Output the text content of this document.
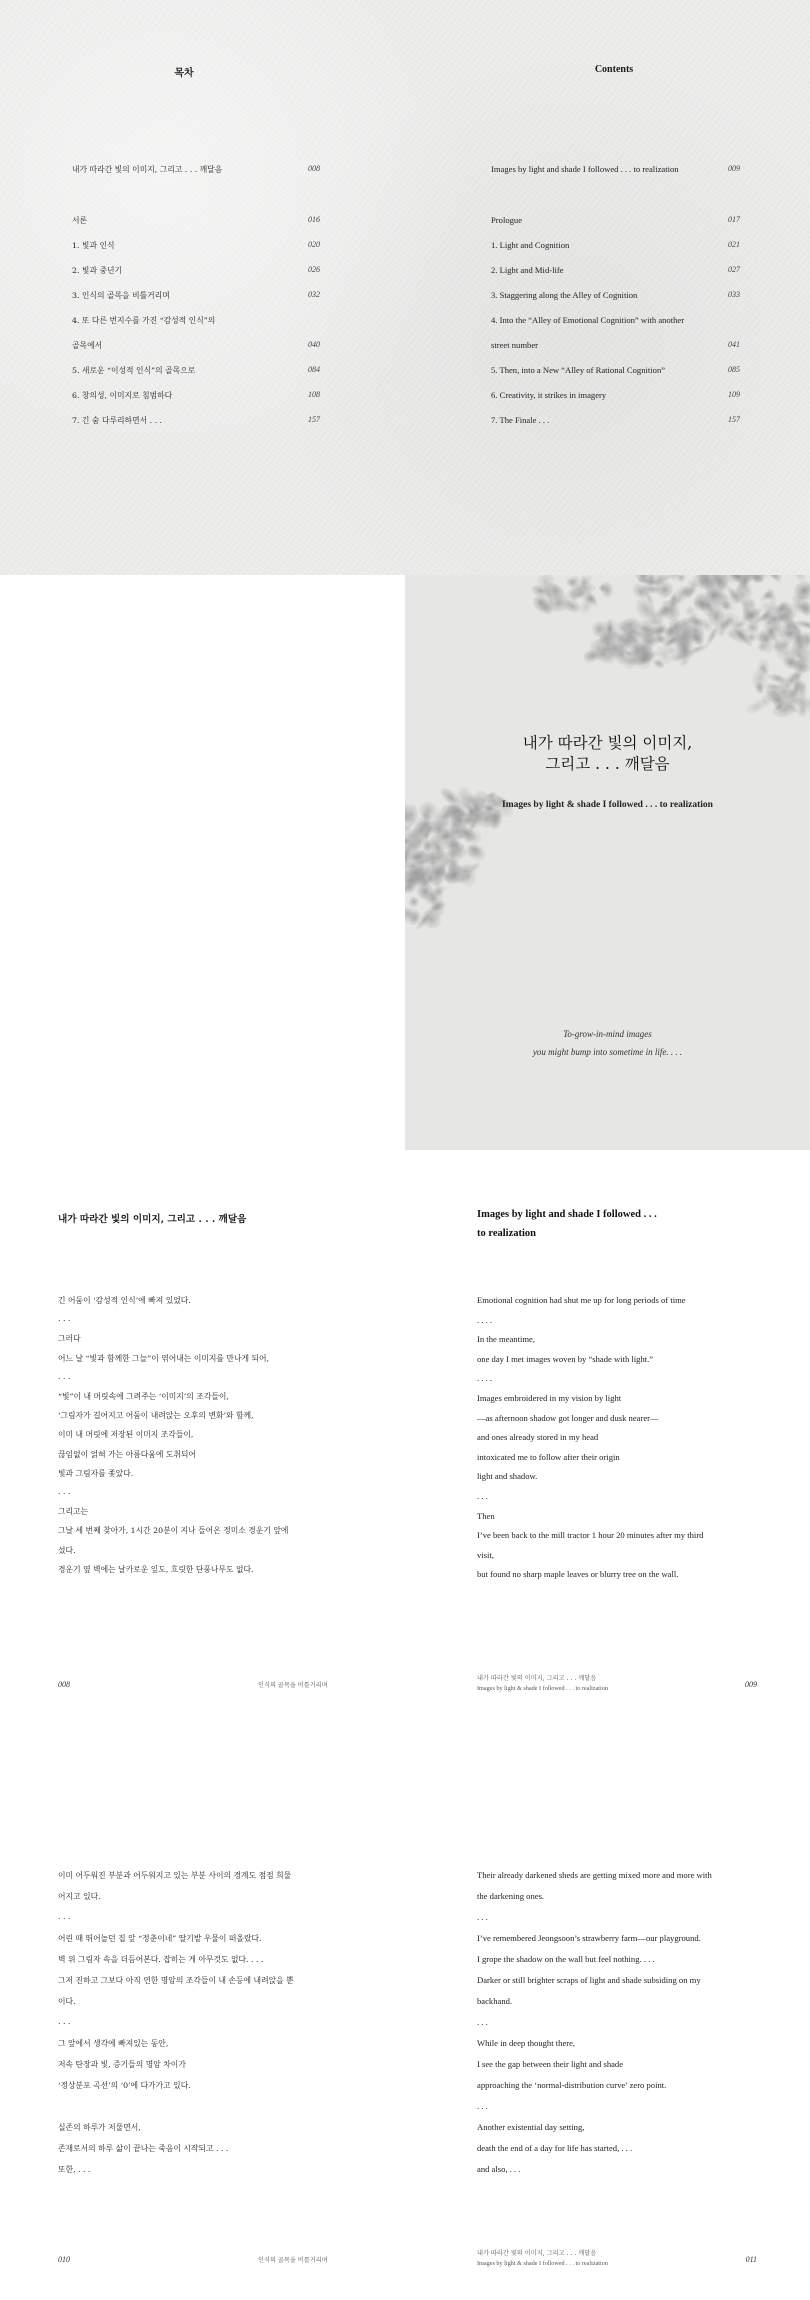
목차	Contents
내가 따라간 빛의 이미지, 그리고 . . . 깨달음	008
서론	016
1. 빛과 인식	020
2. 빛과 중년기	026
3. 인식의 골목을 비틀거리며	032
4. 또 다른 번지수를 가진 “감성적 인식”의
골목에서	040
5. 새로운 “이성적 인식”의 골목으로	084
6. 창의성, 이미지로 침범하다	108
7. 긴 숨 다루리하면서 . . .	157
Images by light and shade I followed . . . to realization	009
Prologue	017
1. Light and Cognition	021
2. Light and Mid-life	027
3. Staggering along the Alley of Cognition	033
4. Into the “Alley of Emotional Cognition” with another
street number	041
5. Then, into a New “Alley of Rational Cognition”	085
6. Creativity, it strikes in imagery	109
7. The Finale . . .	157
내가 따라간 빛의 이미지,
그리고 . . . 깨달음
Images by light & shade I followed . . . to realization
To-grow-in-mind images
you might bump into sometime in life. . . .
내가 따라간 빛의 이미지, 그리고 . . . 깨달음
긴 어둠이 ‘감성적 인식’에 빠져 있었다.
. . .
그러다
어느 날 “빛과 함께한 그늘”이 엮어내는 이미지를 만나게 되어,
. . .
“빛”이 내 머릿속에 그려주는 ‘이미지’의 조각들이,
‘그림자가 길어지고 어둠이 내려앉는 오후의 변화’와 함께,
이미 내 머릿에 저장된 이미지 조각들이,
끊임없이 얽혀 가는 아름다움에 도취되어
빛과 그림자를 좇았다.
. . .
그리고는
그날 세 번째 찾아가, 1시간 20분이 지나 들어온 정미소 경운기 앞에
섰다.
경운기 옆 벽에는 날카로운 잎도, 흐릿한 단풍나무도 없다.
008	인식의 골목을 비틀거리며
Images by light and shade I followed . . .
to realization
Emotional cognition had shut me up for long periods of time
. . . .
In the meantime,
one day I met images woven by “shade with light.”
. . . .
Images embroidered in my vision by light
—as afternoon shadow got longer and dusk nearer—
and ones already stored in my head
intoxicated me to follow after their origin
light and shadow.
. . .
Then
I’ve been back to the mill tractor 1 hour 20 minutes after my third
visit,
but found no sharp maple leaves or blurry tree on the wall.
내가 따라간 빛의 이미지, 그리고 . . . 깨달음
Images by light & shade I followed . . . to realization	009
이미 어두워진 부분과 어두워지고 있는 부분 사이의 경계도 점점 희물
어지고 있다.
. . .
어린 때 뛰어놀던 집 앞 “정춘이네” 딸기밭 우물이 떠올랐다.
벽 위 그림자 속을 더듬어본다. 잡히는 게 아무것도 없다. . . .
그저 진하고 그보다 아직 연한 명암의 조각들이 내 손등에 내려앉을 뿐
이다.
. . .
그 앞에서 생각에 빠져있는 동안,
저속 탄장과 빛, 증기들의 명암 차이가
‘정상분포 곡선’의 ‘0’에 다가가고 있다.
실존의 하루가 저물면서,
존재로서의 하루 삶이 끝나는 죽음이 시작되고 . . .
또한, . . .
010	인식의 골목을 비틀거리며
Their already darkened sheds are getting mixed more and more with
the darkening ones.
. . .
I’ve remembered Jeongsoon’s strawberry farm—our playground.
I grope the shadow on the wall but feel nothing. . . .
Darker or still brighter scraps of light and shade subsiding on my
backhand.
. . .
While in deep thought there,
I see the gap between their light and shade
approaching the ‘normal-distribution curve’ zero point.
. . .
Another existential day setting,
death the end of a day for life has started, . . .
and also, . . .
내가 따라간 빛의 이미지, 그리고 . . . 깨달음
Images by light & shade I followed . . . to realization	011
